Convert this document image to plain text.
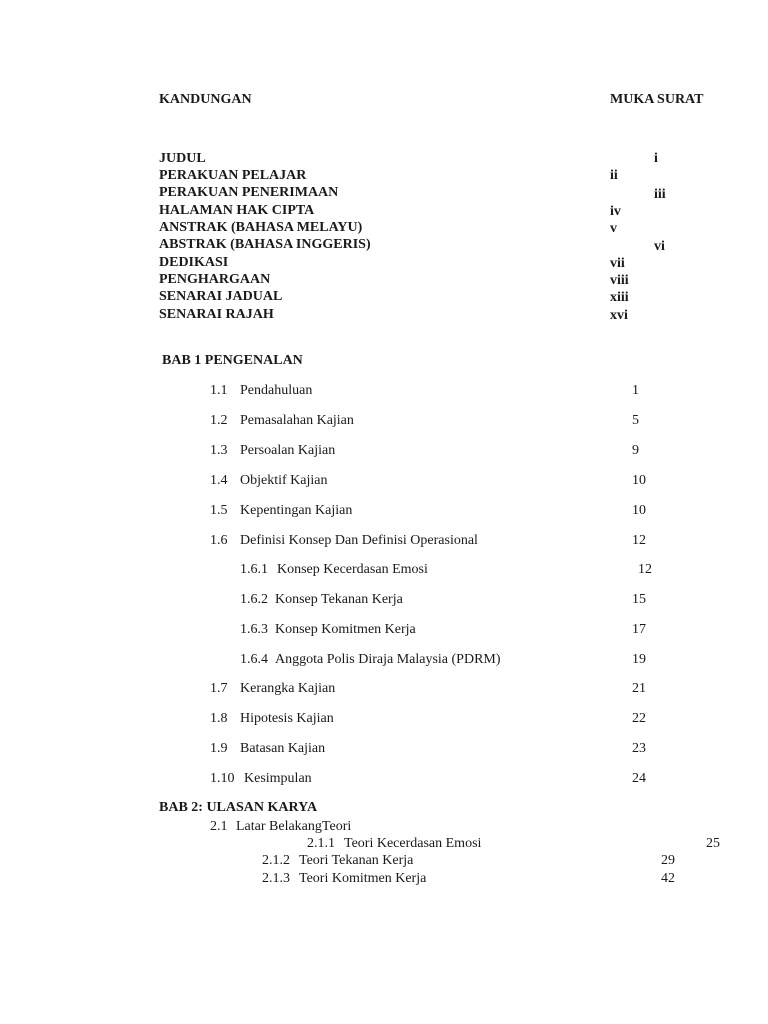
KANDUNGAN	MUKA SURAT
JUDUL	i
PERAKUAN PELAJAR	ii
PERAKUAN PENERIMAAN	iii
HALAMAN HAK CIPTA	iv
ANSTRAK (BAHASA MELAYU)	v
ABSTRAK (BAHASA INGGERIS)	vi
DEDIKASI	vii
PENGHARGAAN	viii
SENARAI JADUAL	xiii
SENARAI RAJAH	xvi
BAB 1 PENGENALAN
1.1 Pendahuluan	1
1.2 Pemasalahan Kajian	5
1.3 Persoalan Kajian	9
1.4 Objektif Kajian	10
1.5 Kepentingan Kajian	10
1.6 Definisi Konsep Dan Definisi Operasional	12
1.6.1 Konsep Kecerdasan Emosi	12
1.6.2 Konsep Tekanan Kerja	15
1.6.3 Konsep Komitmen Kerja	17
1.6.4 Anggota Polis Diraja Malaysia (PDRM)	19
1.7 Kerangka Kajian	21
1.8 Hipotesis Kajian	22
1.9 Batasan Kajian	23
1.10 Kesimpulan	24
BAB 2: ULASAN KARYA
2.1 Latar BelakangTeori
2.1.1 Teori Kecerdasan Emosi	25
2.1.2 Teori Tekanan Kerja	29
2.1.3 Teori Komitmen Kerja	42
